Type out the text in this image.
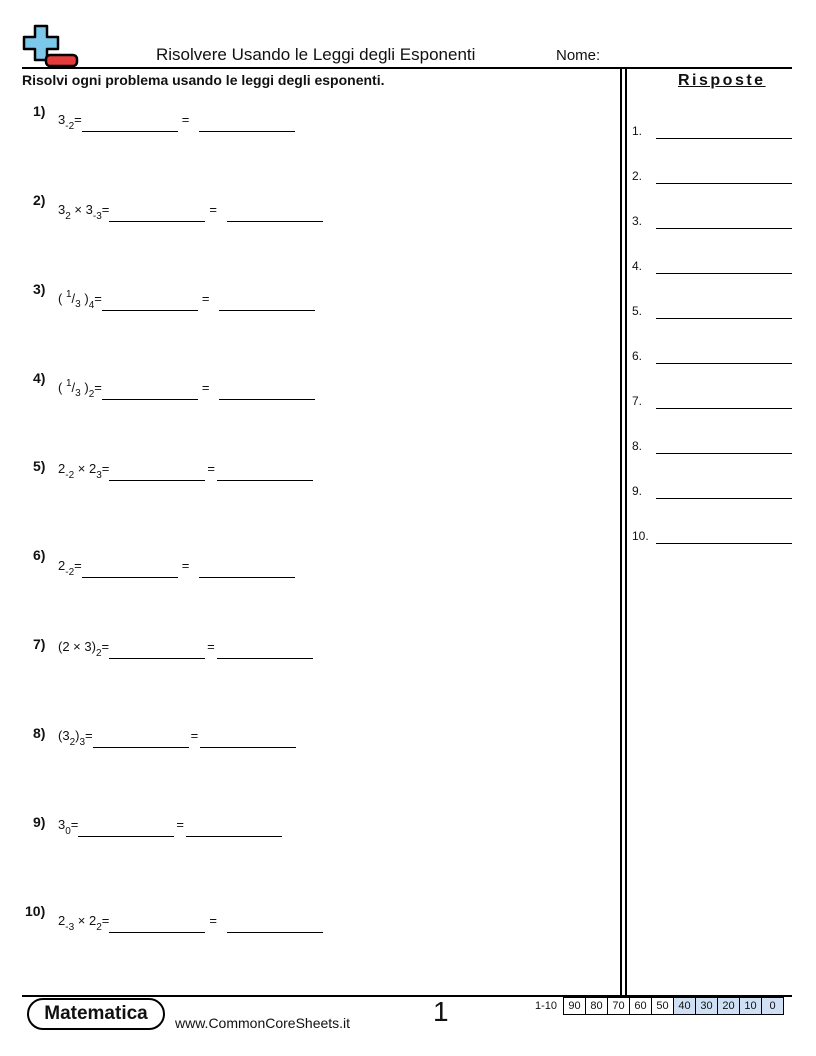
Risolvere Usando le Leggi degli Esponenti	Nome:
Risolvi ogni problema usando le leggi degli esponenti.	Risposte
1.
2.
3.
4.
5.
6.
7.
8.
9.
10.
1)
3 -2 =	=
2)
3 2
×
3 -3 =	=
3)
(
1 / 3
) 4 =	=
4)
(
1 / 3
) 2 =	=
5) 2 -2
×
2 3 =	=
6)
2 -2 =	=
7) ( 2 × 3 ) 2 =	=
8) ( 3 2 ) 3 =	=
9) 3 0 =	=
10)
2 -3
×
2 2 =	=
Matematica	www.CommonCoreSheets.it	1	1-10	90 80 70 60 50 40 30 20 10	0
